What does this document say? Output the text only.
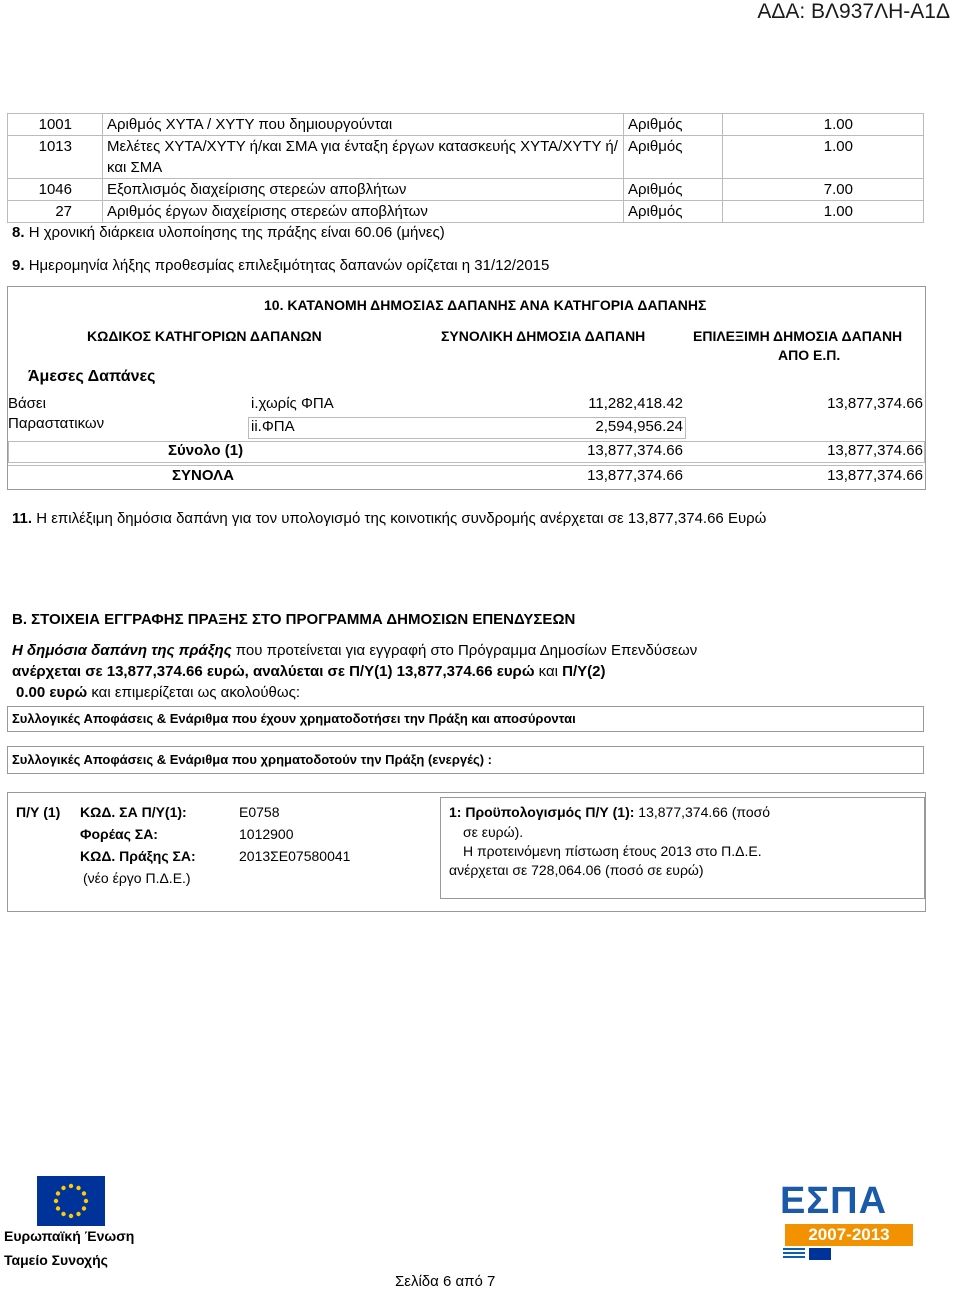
ΑΔΑ: ΒΛ937ΛΗ-Α1Δ
1001	Αριθμός ΧΥΤΑ / ΧΥΤΥ που δημιουργούνται	Αριθμός	1.00
1013	Μελέτες ΧΥΤΑ/ΧΥΤΥ ή/και ΣΜΑ για ένταξη έργων κατασκευής ΧΥΤΑ/ΧΥΤΥ ή/και ΣΜΑ	Αριθμός	1.00
1046	Εξοπλισμός διαχείρισης στερεών αποβλήτων	Αριθμός	7.00
27	Αριθμός έργων διαχείρισης στερεών αποβλήτων	Αριθμός	1.00
8. Η χρονική διάρκεια υλοποίησης της πράξης είναι 60.06 (μήνες)
9. Ημερομηνία λήξης προθεσμίας επιλεξιμότητας δαπανών ορίζεται η 31/12/2015
10. ΚΑΤΑΝΟΜΗ ΔΗΜΟΣΙΑΣ ΔΑΠΑΝΗΣ ΑΝΑ ΚΑΤΗΓΟΡΙΑ ΔΑΠΑΝΗΣ
ΚΩΔΙΚΟΣ ΚΑΤΗΓΟΡΙΩΝ ΔΑΠΑΝΩΝ	ΣΥΝΟΛΙΚΗ ΔΗΜΟΣΙΑ ΔΑΠΑΝΗ	ΕΠΙΛΕΞΙΜΗ ΔΗΜΟΣΙΑ ΔΑΠΑΝΗ
ΑΠΟ Ε.Π.
Άμεσες Δαπάνες
Βάσει
Παραστατικων
i.χωρίς ΦΠΑ	11,282,418.42	13,877,374.66
ii.ΦΠΑ	2,594,956.24
Σύνολο (1)	13,877,374.66	13,877,374.66
ΣΥΝΟΛΑ	13,877,374.66	13,877,374.66
11. Η επιλέξιμη δημόσια δαπάνη για τον υπολογισμό της κοινοτικής συνδρομής ανέρχεται σε 13,877,374.66 Ευρώ
Β. ΣΤΟΙΧΕΙΑ ΕΓΓΡΑΦΗΣ ΠΡΑΞΗΣ ΣΤΟ ΠΡΟΓΡΑΜΜΑ ΔΗΜΟΣΙΩΝ ΕΠΕΝΔΥΣΕΩΝ
Η δημόσια δαπάνη της πράξης που προτείνεται για εγγραφή στο Πρόγραμμα Δημοσίων Επενδύσεων
ανέρχεται σε 13,877,374.66 ευρώ, αναλύεται σε Π/Υ(1) 13,877,374.66 ευρώ και Π/Υ(2)
0.00 ευρώ και επιμερίζεται ως ακολούθως:
Συλλογικές Αποφάσεις & Ενάριθμα που έχουν χρηματοδοτήσει την Πράξη και αποσύρονται
Συλλογικές Αποφάσεις & Ενάριθμα που χρηματοδοτούν την Πράξη (ενεργές) :
Π/Υ (1) ΚΩΔ. ΣΑ Π/Υ(1):	Ε0758
Φορέας ΣΑ:	1012900
ΚΩΔ. Πράξης ΣΑ:	2013ΣΕ07580041
(νέο έργο Π.Δ.Ε.)
1: Προϋπολογισμός Π/Υ (1): 13,877,374.66 (ποσό
σε ευρώ).
Η προτεινόμενη πίστωση έτους 2013 στο Π.Δ.Ε.
ανέρχεται σε 728,064.06 (ποσό σε ευρώ)
Ευρωπαϊκή Ένωση
Ταμείο Συνοχής
Σελίδα 6 από 7
ΕΣΠΑ
2007-2013
